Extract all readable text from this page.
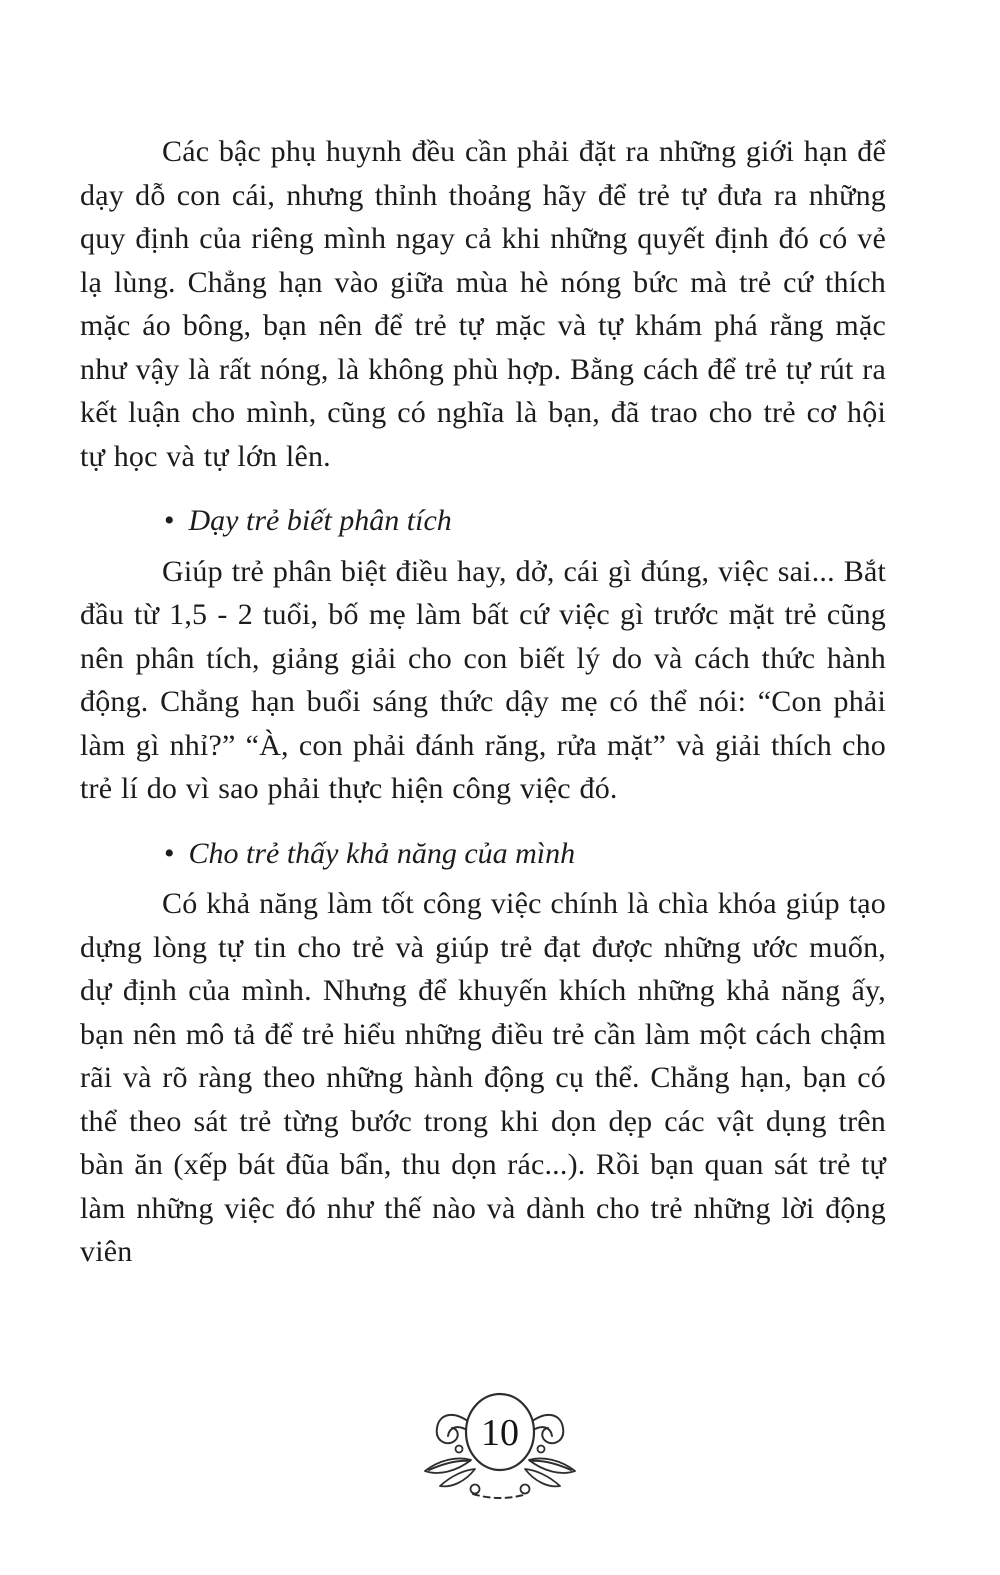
Các bậc phụ huynh đều cần phải đặt ra những giới hạn để dạy dỗ con cái, nhưng thỉnh thoảng hãy để trẻ tự đưa ra những quy định của riêng mình ngay cả khi những quyết định đó có vẻ lạ lùng. Chẳng hạn vào giữa mùa hè nóng bức mà trẻ cứ thích mặc áo bông, bạn nên để trẻ tự mặc và tự khám phá rằng mặc như vậy là rất nóng, là không phù hợp. Bằng cách để trẻ tự rút ra kết luận cho mình, cũng có nghĩa là bạn, đã trao cho trẻ cơ hội tự học và tự lớn lên.

• Dạy trẻ biết phân tích

Giúp trẻ phân biệt điều hay, dở, cái gì đúng, việc sai... Bắt đầu từ 1,5 - 2 tuổi, bố mẹ làm bất cứ việc gì trước mặt trẻ cũng nên phân tích, giảng giải cho con biết lý do và cách thức hành động. Chẳng hạn buổi sáng thức dậy mẹ có thể nói: “Con phải làm gì nhỉ?” “À, con phải đánh răng, rửa mặt” và giải thích cho trẻ lí do vì sao phải thực hiện công việc đó.

• Cho trẻ thấy khả năng của mình

Có khả năng làm tốt công việc chính là chìa khóa giúp tạo dựng lòng tự tin cho trẻ và giúp trẻ đạt được những ước muốn, dự định của mình. Nhưng để khuyến khích những khả năng ấy, bạn nên mô tả để trẻ hiểu những điều trẻ cần làm một cách chậm rãi và rõ ràng theo những hành động cụ thể. Chẳng hạn, bạn có thể theo sát trẻ từng bước trong khi dọn dẹp các vật dụng trên bàn ăn (xếp bát đũa bẩn, thu dọn rác...). Rồi bạn quan sát trẻ tự làm những việc đó như thế nào và dành cho trẻ những lời động viên

10
